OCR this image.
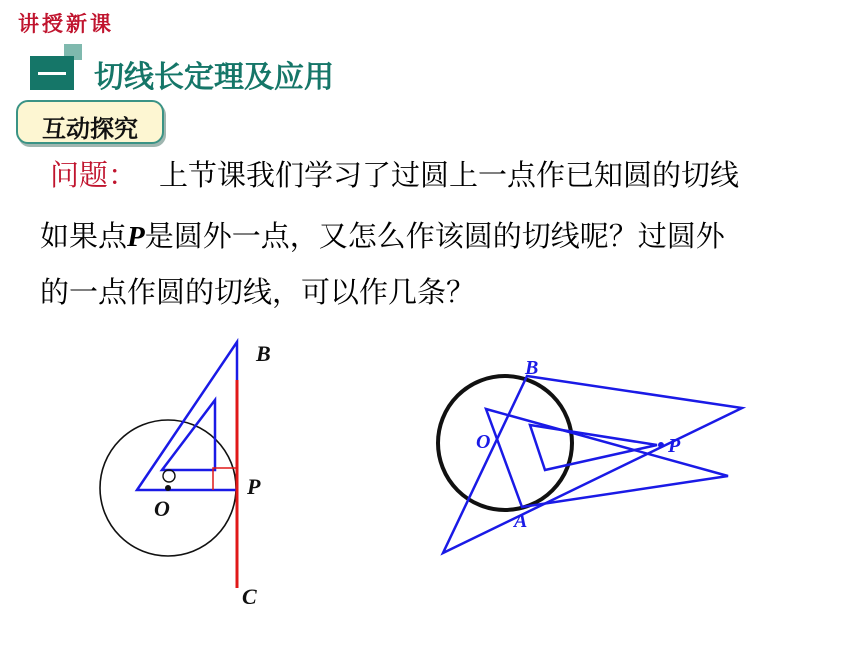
讲授新课
切线长定理及应用
互动探究
问题： 上节课我们学习了过圆上一点作已知圆的切线
如果点P是圆外一点，又怎么作该圆的切线呢？过圆外
的一点作圆的切线，可以作几条？
B
O
P
C
B
O	P
A
